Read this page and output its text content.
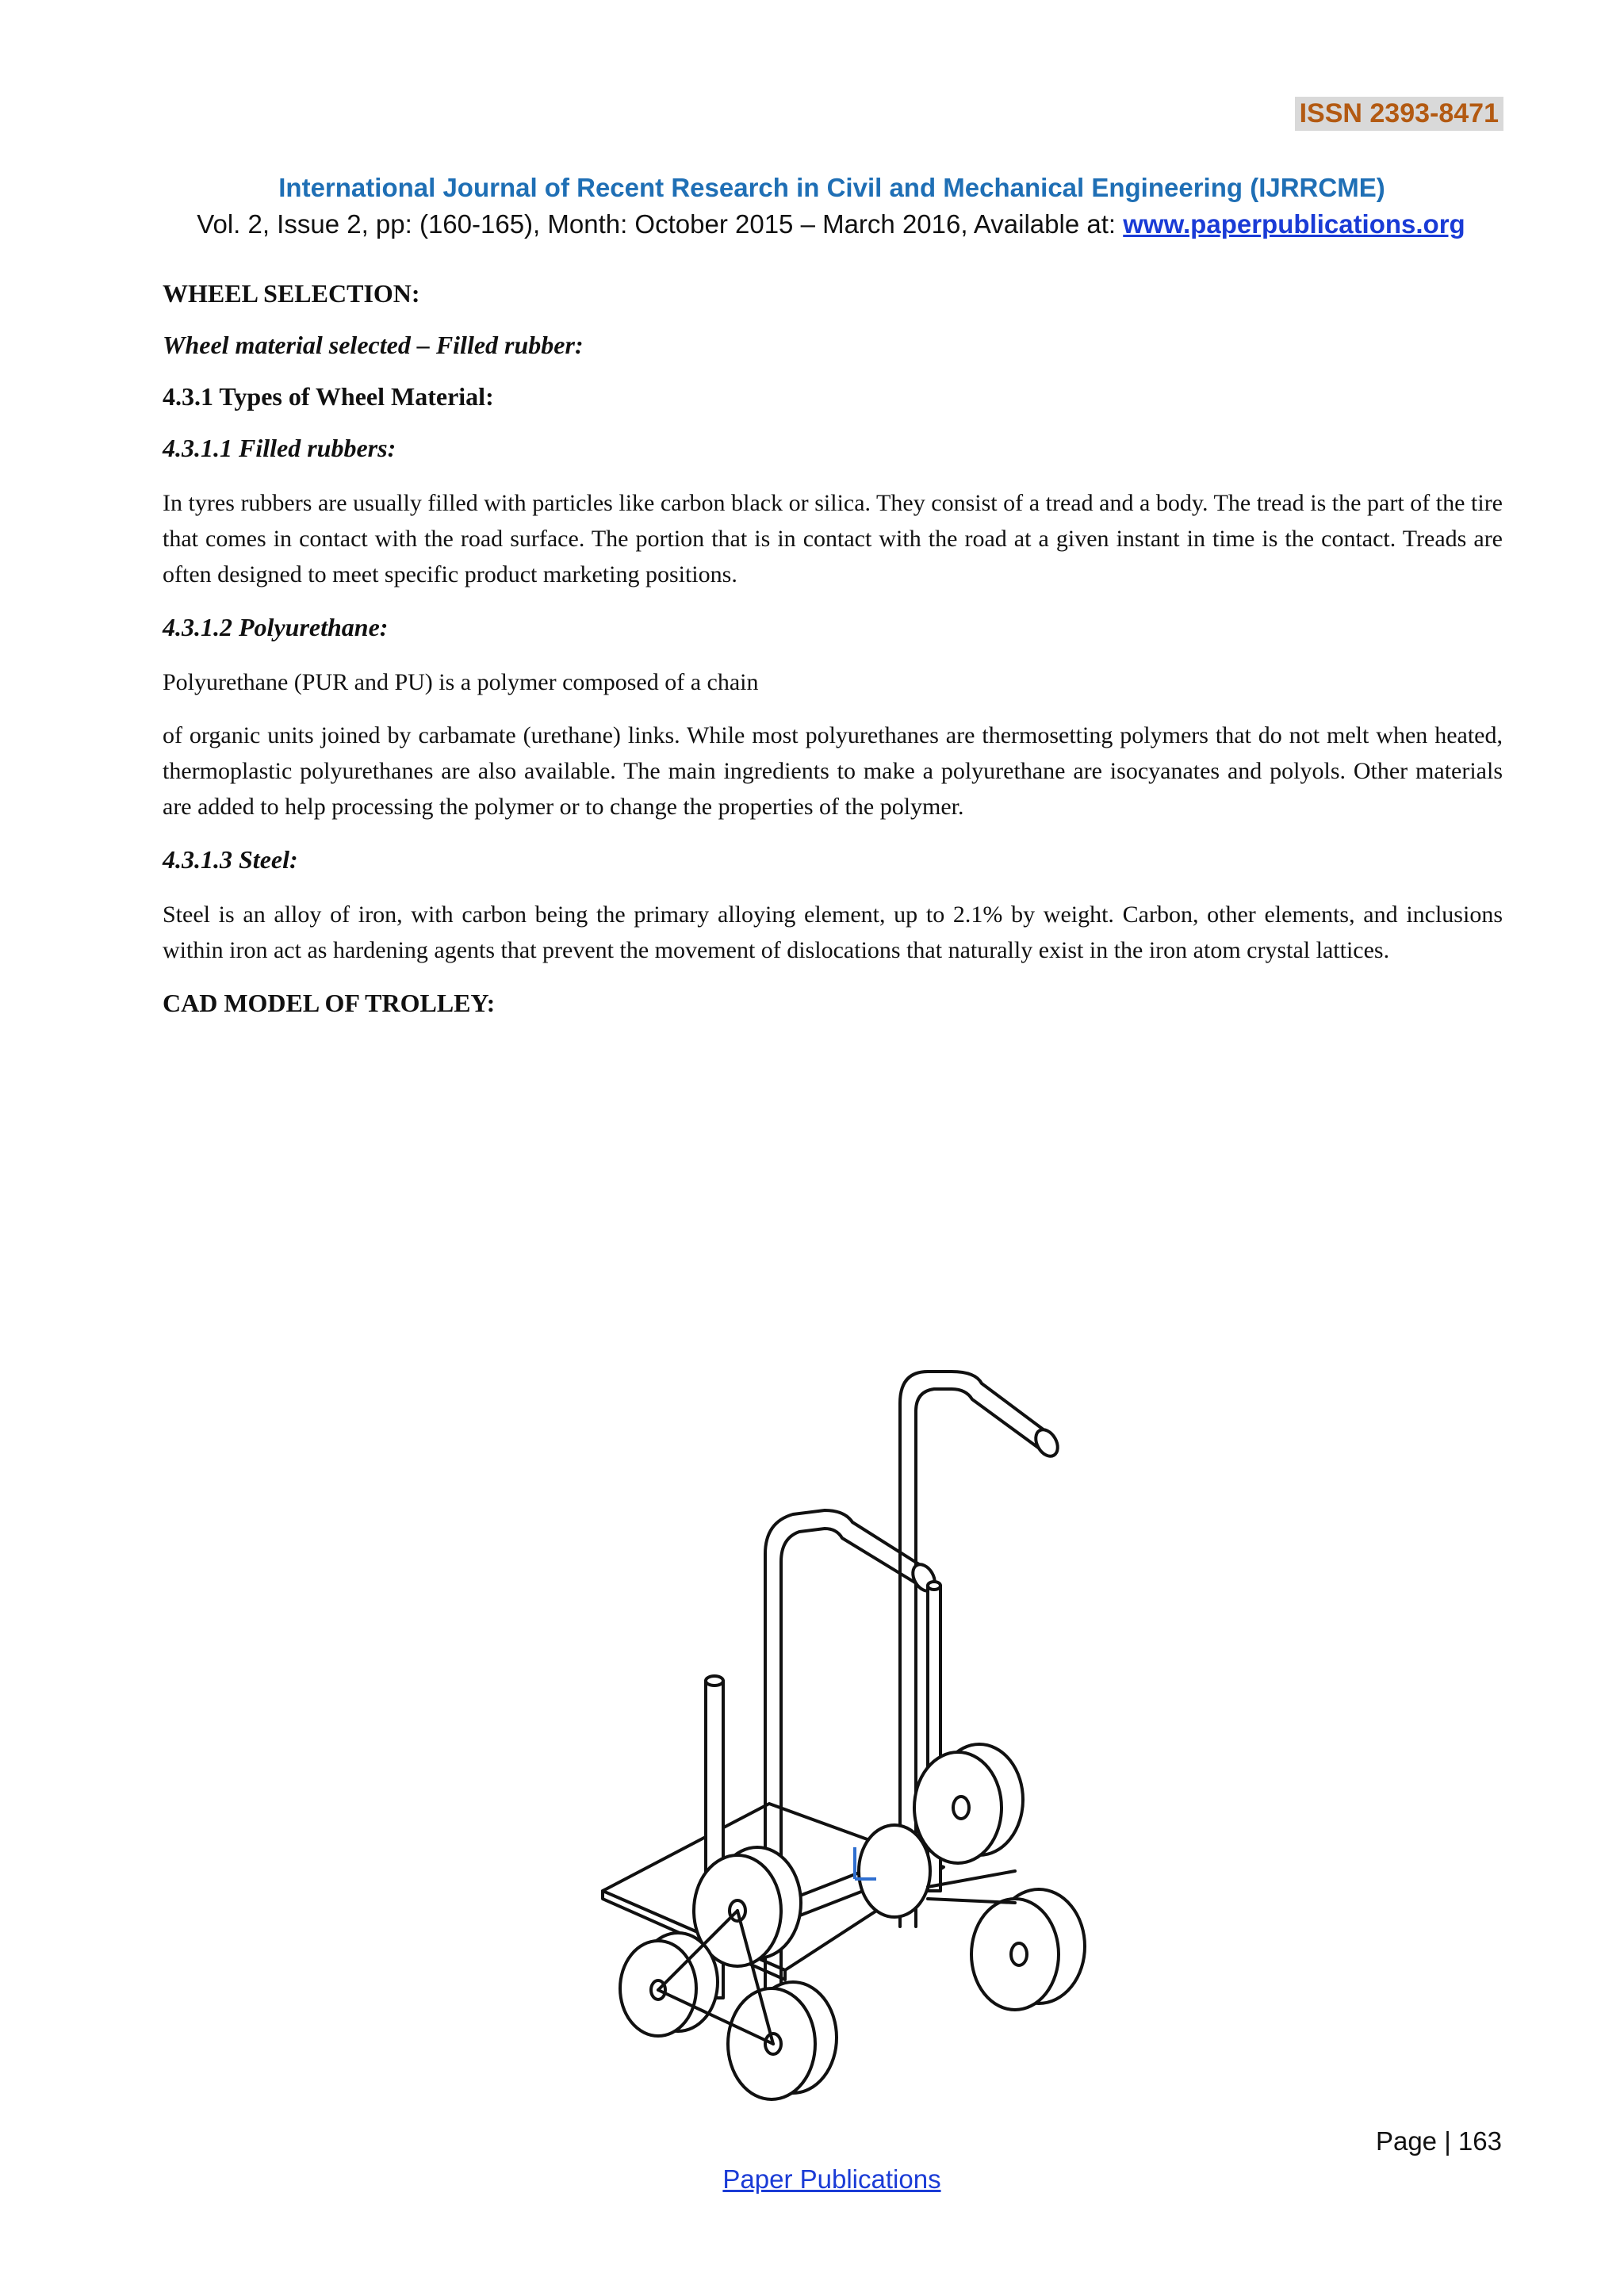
ISSN 2393-8471
International Journal of Recent Research in Civil and Mechanical Engineering (IJRRCME)
Vol. 2, Issue 2, pp: (160-165), Month: October 2015 – March 2016, Available at: www.paperpublications.org
WHEEL SELECTION:
Wheel material selected – Filled rubber:
4.3.1 Types of Wheel Material:
4.3.1.1 Filled rubbers:

In tyres rubbers are usually filled with particles like carbon black or silica. They consist of a tread and a body. The tread is the part of the tire that comes in contact with the road surface. The portion that is in contact with the road at a given instant in time is the contact. Treads are often designed to meet specific product marketing positions.

4.3.1.2 Polyurethane:

Polyurethane (PUR and PU) is a polymer composed of a chain

of organic units joined by carbamate (urethane) links. While most polyurethanes are thermosetting polymers that do not melt when heated, thermoplastic polyurethanes are also available. The main ingredients to make a polyurethane are isocyanates and polyols. Other materials are added to help processing the polymer or to change the properties of the polymer.

4.3.1.3 Steel:

Steel is an alloy of iron, with carbon being the primary alloying element, up to 2.1% by weight. Carbon, other elements, and inclusions within iron act as hardening agents that prevent the movement of dislocations that naturally exist in the iron atom crystal lattices.

CAD MODEL OF TROLLEY:
Page | 163
Paper Publications
